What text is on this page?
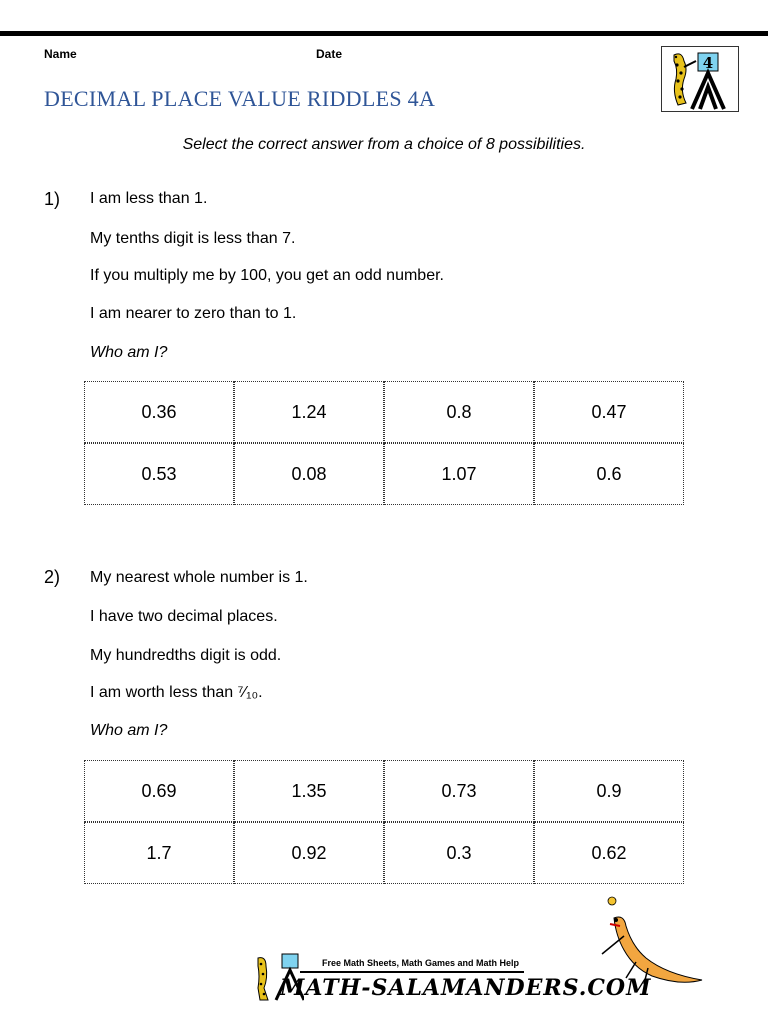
Name	Date
DECIMAL PLACE VALUE RIDDLES 4A
4
Select the correct answer from a choice of 8 possibilities.
1) I am less than 1.
My tenths digit is less than 7.
If you multiply me by 100, you get an odd number.
I am nearer to zero than to 1.
Who am I?
0.36	1.24	0.8	0.47
0.53	0.08	1.07	0.6
2) My nearest whole number is 1.
I have two decimal places.
My hundredths digit is odd.
I am worth less than ⁷⁄₁₀.
Who am I?
0.69	1.35	0.73	0.9
1.7	0.92	0.3	0.62
Free Math Sheets, Math Games and Math Help
MATH-SALAMANDERS.COM
